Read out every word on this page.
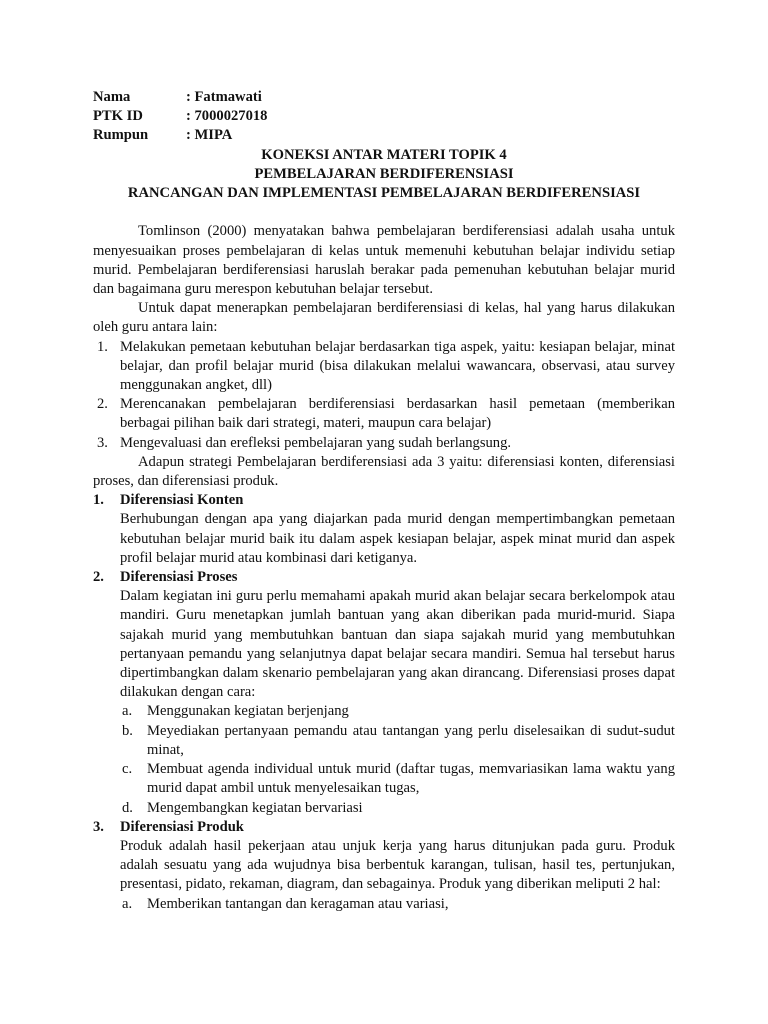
Nama	: Fatmawati
PTK ID	: 7000027018
Rumpun	: MIPA
KONEKSI ANTAR MATERI TOPIK 4
PEMBELAJARAN BERDIFERENSIASI
RANCANGAN DAN IMPLEMENTASI PEMBELAJARAN BERDIFERENSIASI

Tomlinson (2000) menyatakan bahwa pembelajaran berdiferensiasi adalah usaha untuk menyesuaikan proses pembelajaran di kelas untuk memenuhi kebutuhan belajar individu setiap murid. Pembelajaran berdiferensiasi haruslah berakar pada pemenuhan kebutuhan belajar murid dan bagaimana guru merespon kebutuhan belajar tersebut.

Untuk dapat menerapkan pembelajaran berdiferensiasi di kelas, hal yang harus dilakukan oleh guru antara lain:

1. Melakukan pemetaan kebutuhan belajar berdasarkan tiga aspek, yaitu: kesiapan belajar, minat belajar, dan profil belajar murid (bisa dilakukan melalui wawancara, observasi, atau survey menggunakan angket, dll)
2. Merencanakan pembelajaran berdiferensiasi berdasarkan hasil pemetaan (memberikan berbagai pilihan baik dari strategi, materi, maupun cara belajar)
3. Mengevaluasi dan erefleksi pembelajaran yang sudah berlangsung.

Adapun strategi Pembelajaran berdiferensiasi ada 3 yaitu: diferensiasi konten, diferensiasi proses, dan diferensiasi produk.

1.	Diferensiasi Konten
Berhubungan dengan apa yang diajarkan pada murid dengan mempertimbangkan pemetaan kebutuhan belajar murid baik itu dalam aspek kesiapan belajar, aspek minat murid dan aspek profil belajar murid atau kombinasi dari ketiganya.
2.	Diferensiasi Proses
Dalam kegiatan ini guru perlu memahami apakah murid akan belajar secara berkelompok atau mandiri. Guru menetapkan jumlah bantuan yang akan diberikan pada murid-murid. Siapa sajakah murid yang membutuhkan bantuan dan siapa sajakah murid yang membutuhkan pertanyaan pemandu yang selanjutnya dapat belajar secara mandiri. Semua hal tersebut harus dipertimbangkan dalam skenario pembelajaran yang akan dirancang. Diferensiasi proses dapat dilakukan dengan cara:
a.	Menggunakan kegiatan berjenjang
b. Meyediakan pertanyaan pemandu atau tantangan yang perlu diselesaikan di sudut-sudut minat,
c.	Membuat agenda individual untuk murid (daftar tugas, memvariasikan lama waktu yang murid dapat ambil untuk menyelesaikan tugas,
d. Mengembangkan kegiatan bervariasi
3.	Diferensiasi Produk
Produk adalah hasil pekerjaan atau unjuk kerja yang harus ditunjukan pada guru. Produk adalah sesuatu yang ada wujudnya bisa berbentuk karangan, tulisan, hasil tes, pertunjukan, presentasi, pidato, rekaman, diagram, dan sebagainya. Produk yang diberikan meliputi 2 hal:
a.	Memberikan tantangan dan keragaman atau variasi,
